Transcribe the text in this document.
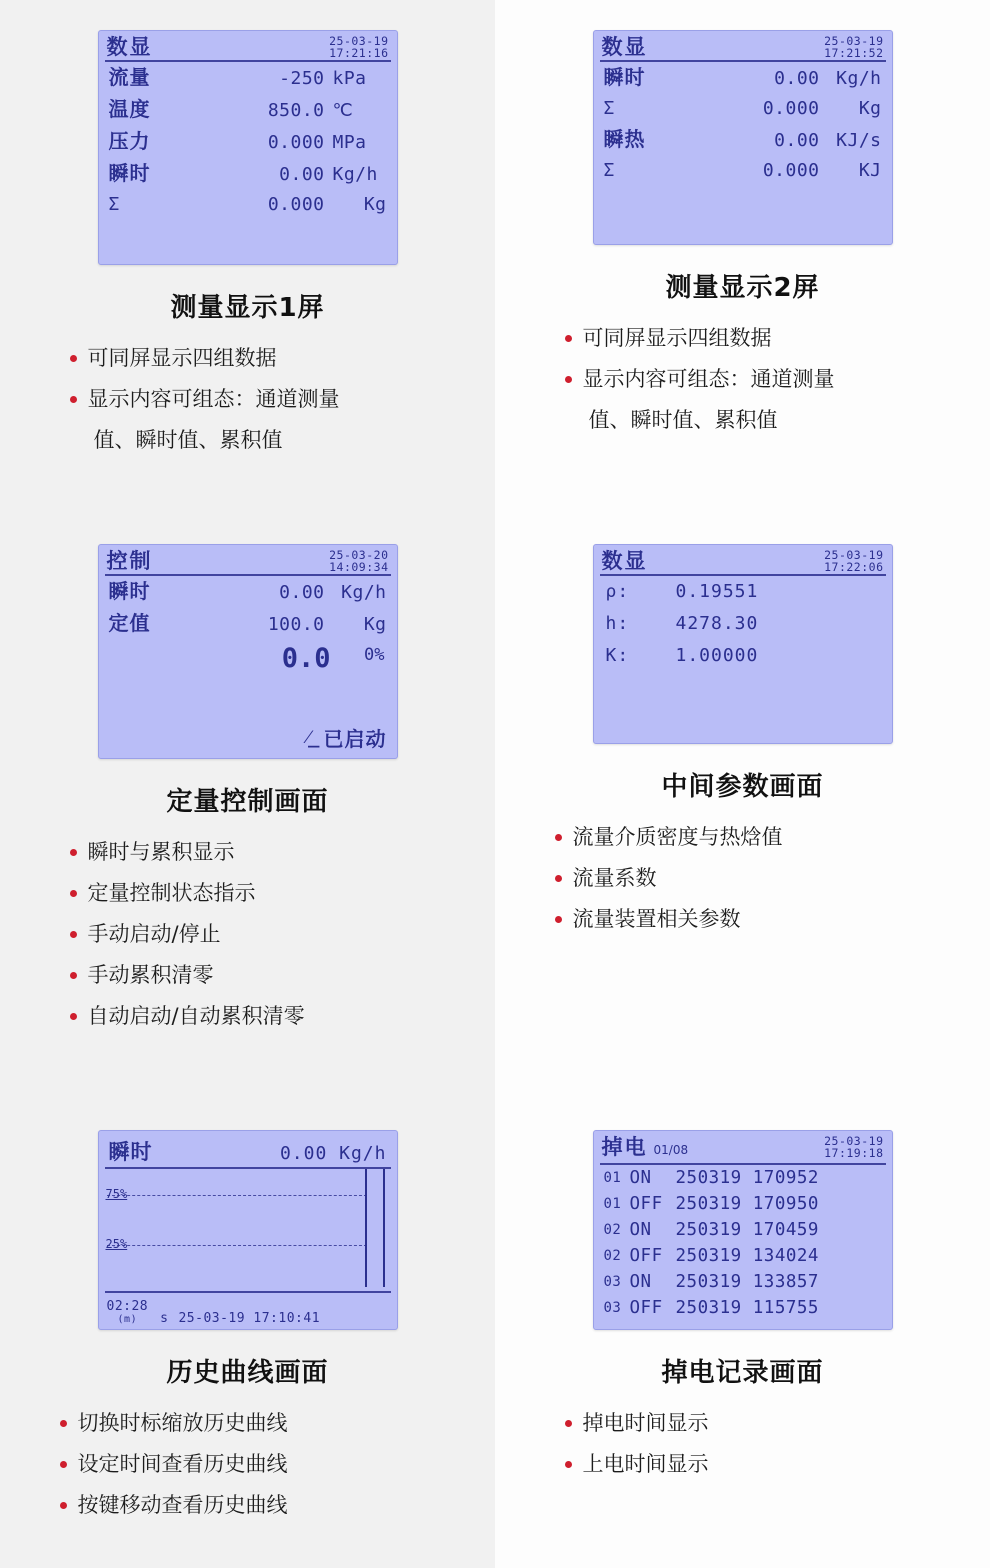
数显	25-03-19
17:21:16
流量	-250 kPa
温度	850.0 ℃
压力	0.000 MPa
瞬时	0.00 Kg/h
Σ	0.000	Kg
测量显示1屏
可同屏显示四组数据
显示内容可组态：通道测量
值、瞬时值、累积值
数显	25-03-19
17:21:52
瞬时	0.00 Kg/h
Σ	0.000	Kg
瞬热	0.00 KJ/s
Σ	0.000	KJ
测量显示2屏
可同屏显示四组数据
显示内容可组态：通道测量
值、瞬时值、累积值
控制	25-03-20
14:09:34
瞬时	0.00 Kg/h
定值	100.0	Kg
0.0 0%
⁄_ 已启动
定量控制画面
瞬时与累积显示
定量控制状态指示
手动启动/停止
手动累积清零
自动启动/自动累积清零
数显	25-03-19
17:22:06
ρ:	0.19551
h:	4278.30
K:	1.00000
中间参数画面
流量介质密度与热焓值
流量系数
流量装置相关参数
瞬时	0.00 Kg/h
75%
25%
02:28
(m)	s 25-03-19 17:10:41
历史曲线画面
切换时标缩放历史曲线
设定时间查看历史曲线
按键移动查看历史曲线
掉电 01/08
25-03-19
17:19:18
01 ON	250319 170952
01 OFF 250319 170950
02 ON	250319 170459
02 OFF 250319 134024
03 ON	250319 133857
03 OFF 250319 115755
掉电记录画面
掉电时间显示
上电时间显示
